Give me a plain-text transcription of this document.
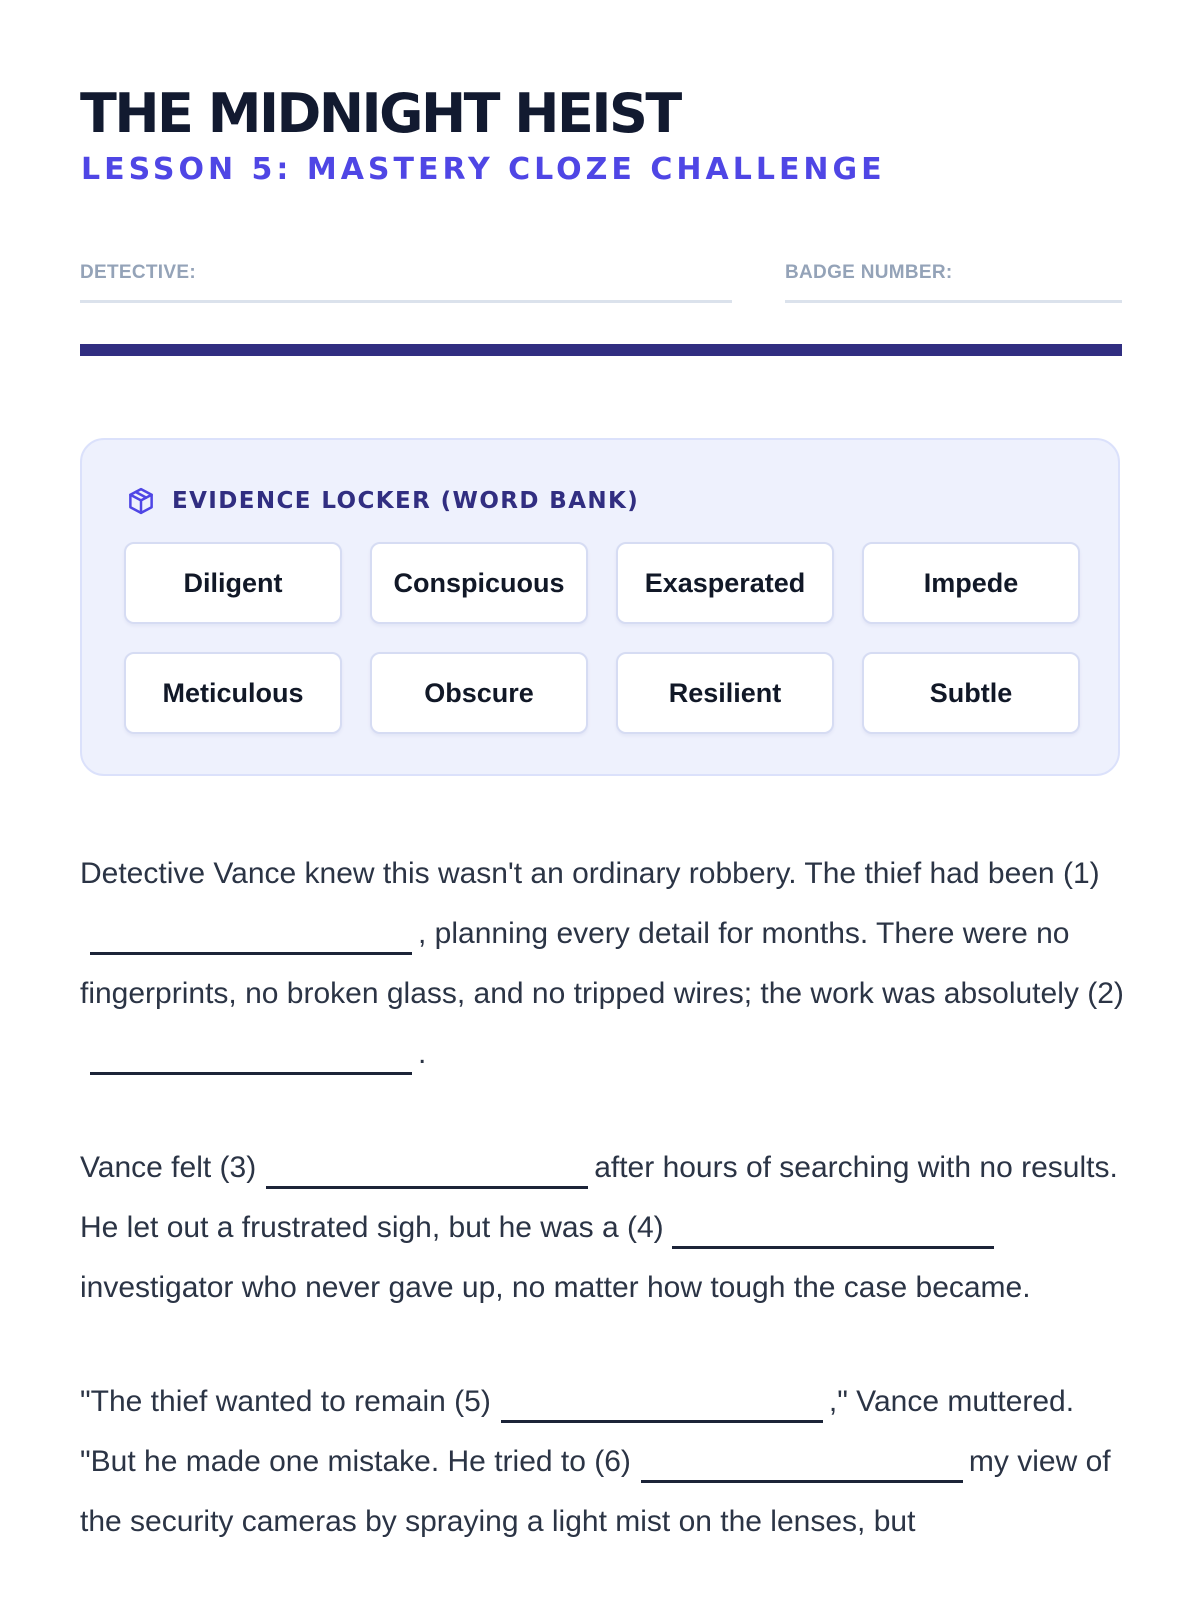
THE MIDNIGHT HEIST
LESSON 5: MASTERY CLOZE CHALLENGE
DETECTIVE:	BADGE NUMBER:
EVIDENCE LOCKER (WORD BANK)
Diligent	Conspicuous	Exasperated	Impede
Meticulous	Obscure	Resilient	Subtle

Detective Vance knew this wasn't an ordinary robbery. The thief had been (1), planning every detail for months. There were no fingerprints, no broken glass, and no tripped wires; the work was absolutely (2).

Vance felt (3)	after hours of searching with no results. He let out a frustrated sigh, but he was a (4) investigator who never gave up, no matter how tough the case became.

"The thief wanted to remain (5)	," Vance muttered. "But he made one mistake. He tried to (6)	my view of the security cameras by spraying a light mist on the lenses, but
